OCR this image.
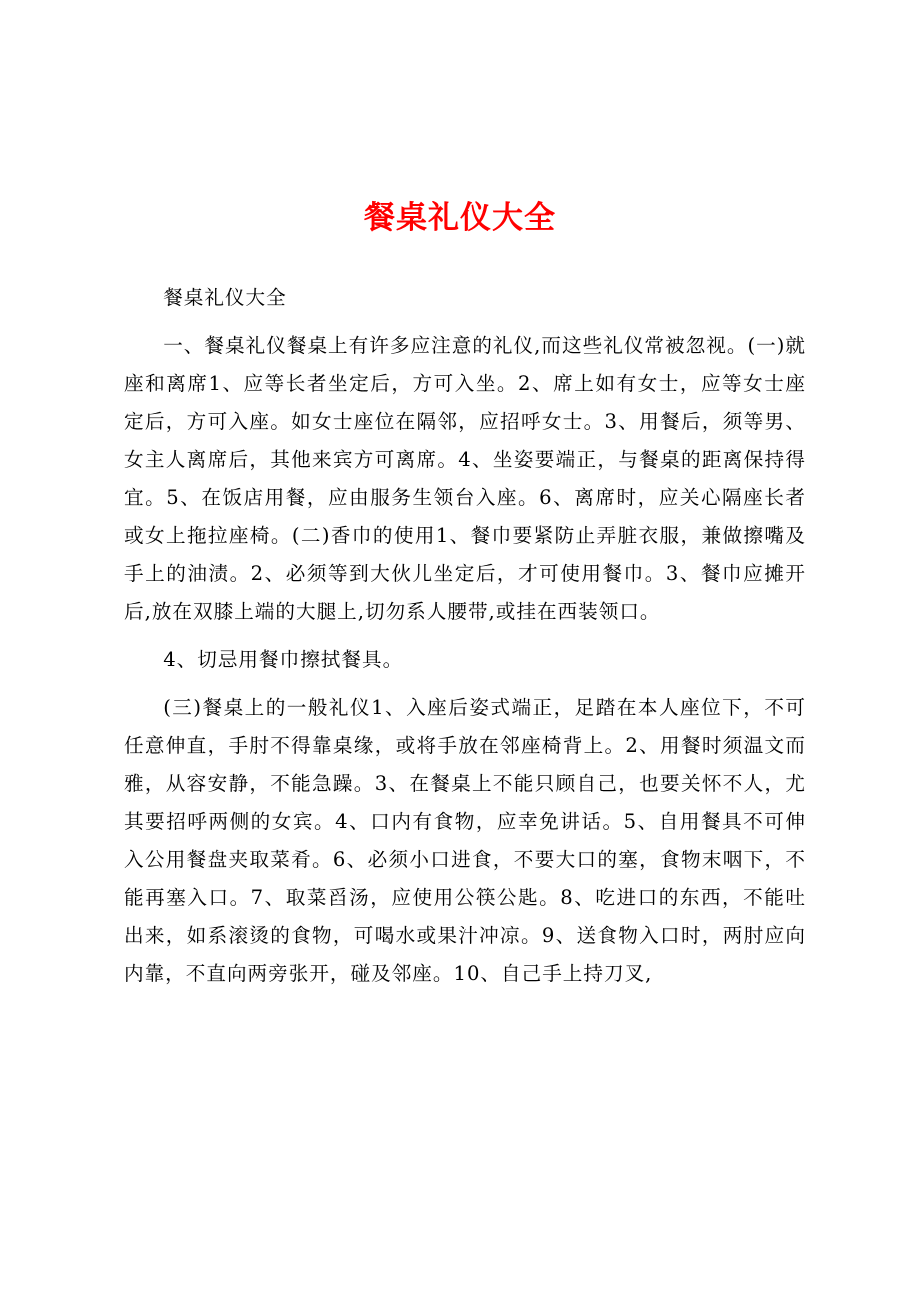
餐桌礼仪大全

餐桌礼仪大全

一、餐桌礼仪餐桌上有许多应注意的礼仪,而这些礼仪常被忽视。(一)就座和离席1、应等长者坐定后，方可入坐。2、席上如有女士，应等女士座定后，方可入座。如女士座位在隔邻，应招呼女士。3、用餐后，须等男、女主人离席后，其他来宾方可离席。4、坐姿要端正，与餐桌的距离保持得宜。5、在饭店用餐，应由服务生领台入座。6、离席时，应关心隔座长者或女上拖拉座椅。(二)香巾的使用1、餐巾要紧防止弄脏衣服，兼做擦嘴及手上的油渍。2、必须等到大伙儿坐定后，才可使用餐巾。3、餐巾应摊开后,放在双膝上端的大腿上,切勿系人腰带,或挂在西装领口。

4、切忌用餐巾擦拭餐具。

(三)餐桌上的一般礼仪1、入座后姿式端正，足踏在本人座位下，不可任意伸直，手肘不得靠桌缘，或将手放在邻座椅背上。2、用餐时须温文而雅，从容安静，不能急躁。3、在餐桌上不能只顾自己，也要关怀不人，尤其要招呼两侧的女宾。4、口内有食物，应幸免讲话。5、自用餐具不可伸入公用餐盘夹取菜肴。6、必须小口进食，不要大口的塞，食物末咽下，不能再塞入口。7、取菜舀汤，应使用公筷公匙。8、吃进口的东西，不能吐出来，如系滚烫的食物，可喝水或果汁冲凉。9、送食物入口时，两肘应向内靠，不直向两旁张开，碰及邻座。10、自己手上持刀叉,
